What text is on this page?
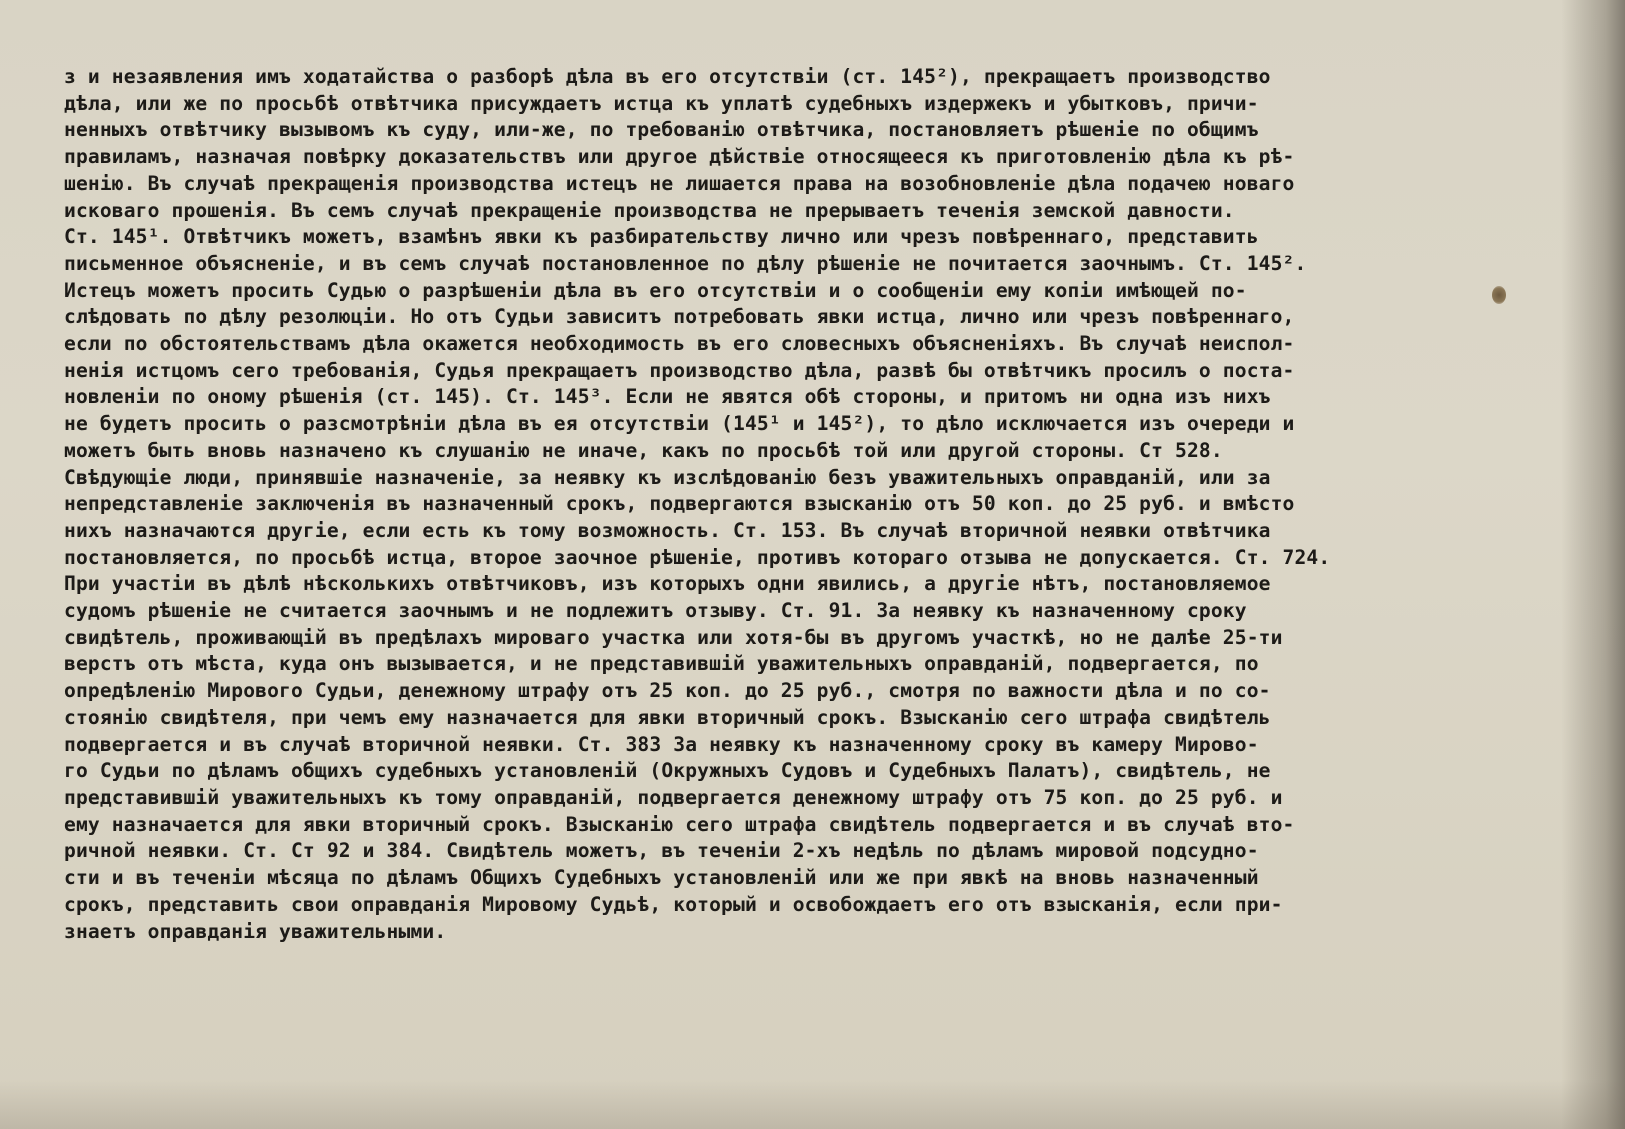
з и незаявления имъ ходатайства о разборѣ дѣла въ его отсутствіи (ст. 145²), прекращаетъ производство
дѣла, или же по просьбѣ отвѣтчика присуждаетъ истца къ уплатѣ судебныхъ издержекъ и убытковъ, причи-
ненныхъ отвѣтчику вызывомъ къ суду, или-же, по требованію отвѣтчика, постановляетъ рѣшеніе по общимъ
правиламъ, назначая повѣрку доказательствъ или другое дѣйствіе относящееся къ приготовленію дѣла къ рѣ-
шенію. Въ случаѣ прекращенія производства истецъ не лишается права на возобновленіе дѣла подачею новаго
исковаго прошенія. Въ семъ случаѣ прекращеніе производства не прерываетъ теченія земской давности.
Ст. 145¹. Отвѣтчикъ можетъ, взамѣнъ явки къ разбирательству лично или чрезъ повѣреннаго, представить
письменное объясненіе, и въ семъ случаѣ постановленное по дѣлу рѣшеніе не почитается заочнымъ. Ст. 145².
Истецъ можетъ просить Судью о разрѣшеніи дѣла въ его отсутствіи и о сообщеніи ему копіи имѣющей по-
слѣдовать по дѣлу резолюціи. Но отъ Судьи зависитъ потребовать явки истца, лично или чрезъ повѣреннаго,
если по обстоятельствамъ дѣла окажется необходимость въ его словесныхъ объясненіяхъ. Въ случаѣ неиспол-
ненія истцомъ сего требованія, Судья прекращаетъ производство дѣла, развѣ бы отвѣтчикъ просилъ о поста-
новленіи по оному рѣшенія (ст. 145). Ст. 145³. Если не явятся обѣ стороны, и притомъ ни одна изъ нихъ
не будетъ просить о разсмотрѣніи дѣла въ ея отсутствіи (145¹ и 145²), то дѣло исключается изъ очереди и
можетъ быть вновь назначено къ слушанію не иначе, какъ по просьбѣ той или другой стороны. Ст 528.
Свѣдующіе люди, принявшіе назначеніе, за неявку къ изслѣдованію безъ уважительныхъ оправданій, или за
непредставленіе заключенія въ назначенный срокъ, подвергаются взысканію отъ 50 коп. до 25 руб. и вмѣсто
нихъ назначаются другіе, если есть къ тому возможность. Ст. 153. Въ случаѣ вторичной неявки отвѣтчика
постановляется, по просьбѣ истца, второе заочное рѣшеніе, противъ котораго отзыва не допускается. Ст. 724.
При участіи въ дѣлѣ нѣсколькихъ отвѣтчиковъ, изъ которыхъ одни явились, а другіе нѣтъ, постановляемое
судомъ рѣшеніе не считается заочнымъ и не подлежитъ отзыву. Ст. 91. За неявку къ назначенному сроку
свидѣтель, проживающій въ предѣлахъ мироваго участка или хотя-бы въ другомъ участкѣ, но не далѣе 25-ти
верстъ отъ мѣста, куда онъ вызывается, и не представившій уважительныхъ оправданій, подвергается, по
опредѣленію Мирового Судьи, денежному штрафу отъ 25 коп. до 25 руб., смотря по важности дѣла и по со-
стоянію свидѣтеля, при чемъ ему назначается для явки вторичный срокъ. Взысканію сего штрафа свидѣтель
подвергается и въ случаѣ вторичной неявки. Ст. 383 За неявку къ назначенному сроку въ камеру Мирово-
го Судьи по дѣламъ общихъ судебныхъ установленій (Окружныхъ Судовъ и Судебныхъ Палатъ), свидѣтель, не
представившій уважительныхъ къ тому оправданій, подвергается денежному штрафу отъ 75 коп. до 25 руб. и
ему назначается для явки вторичный срокъ. Взысканію сего штрафа свидѣтель подвергается и въ случаѣ вто-
ричной неявки. Ст. Ст 92 и 384. Свидѣтель можетъ, въ теченіи 2-хъ недѣль по дѣламъ мировой подсудно-
сти и въ теченіи мѣсяца по дѣламъ Общихъ Судебныхъ установленій или же при явкѣ на вновь назначенный
срокъ, представить свои оправданія Мировому Судьѣ, который и освобождаетъ его отъ взысканія, если при-
знаетъ оправданія уважительными.
